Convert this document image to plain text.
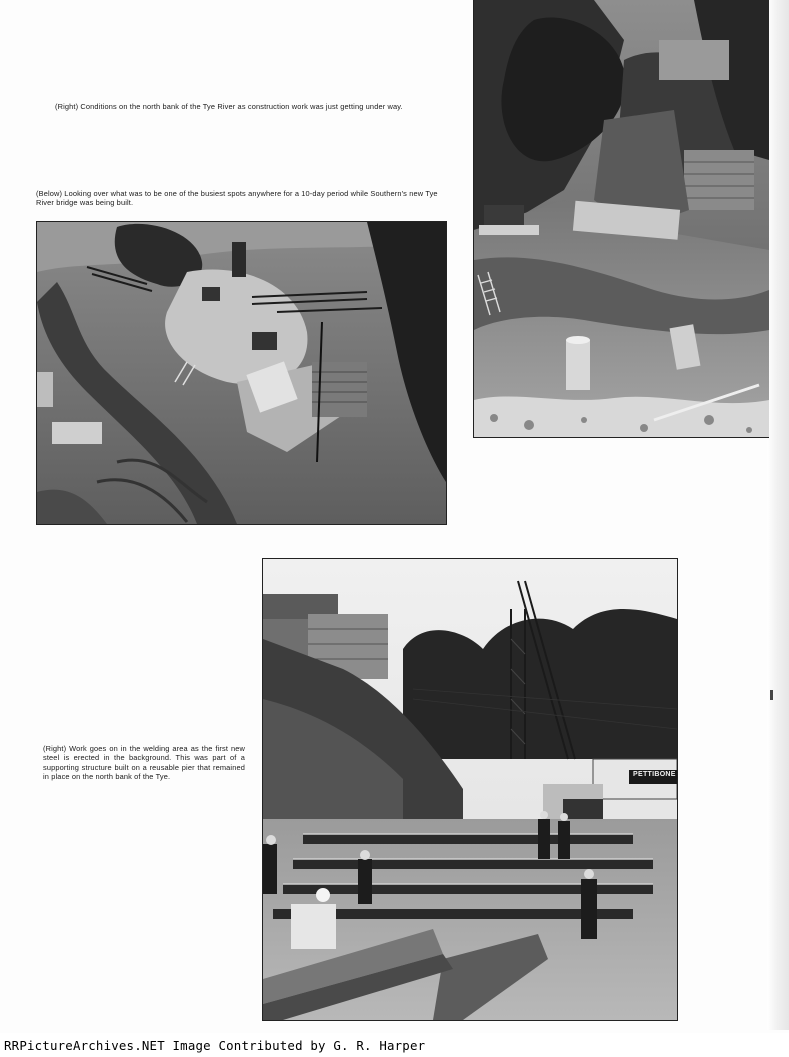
(Right) Conditions on the north bank of the Tye River as construction work was just getting under way.
(Below) Looking over what was to be one of the busiest spots anywhere for a 10-day period while Southern's new Tye River bridge was being built.
(Right) Work goes on in the welding area as the first new steel is erected in the background. This was part of a supporting structure built on a reusable pier that remained in place on the north bank of the Tye.	PETTIBONE
RRPictureArchives.NET Image Contributed by G. R. Harper
